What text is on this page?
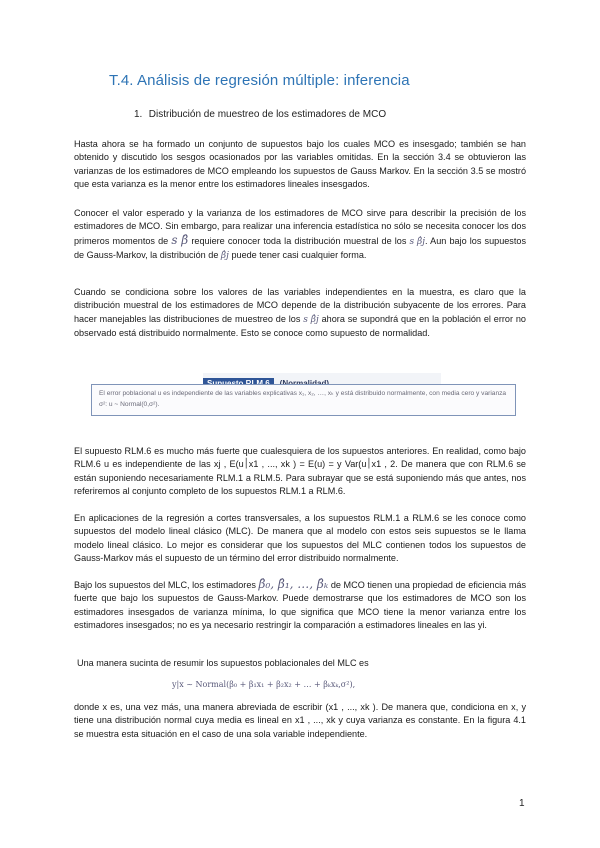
T.4. Análisis de regresión múltiple: inferencia
1. Distribución de muestreo de los estimadores de MCO

Hasta ahora se ha formado un conjunto de supuestos bajo los cuales MCO es insesgado; también se han obtenido y discutido los sesgos ocasionados por las variables omitidas. En la sección 3.4 se obtuvieron las varianzas de los estimadores de MCO empleando los supuestos de Gauss Markov. En la sección 3.5 se mostró que esta varianza es la menor entre los estimadores lineales insesgados.

Conocer el valor esperado y la varianza de los estimadores de MCO sirve para describir la precisión de los estimadores de MCO. Sin embargo, para realizar una inferencia estadística no sólo se necesita conocer los dos primeros momentos de s β̂ requiere conocer toda la distribución muestral de los s β̂j. Aun bajo los supuestos de Gauss-Markov, la distribución de β̂j puede tener casi cualquier forma.

Cuando se condiciona sobre los valores de las variables independientes en la muestra, es claro que la distribución muestral de los estimadores de MCO depende de la distribución subyacente de los errores. Para hacer manejables las distribuciones de muestreo de los s β̂j ahora se supondrá que en la población el error no observado está distribuido normalmente. Esto se conoce como supuesto de normalidad.

El error poblacional u es independiente de las variables explicativas x₁, x₂, …, xₖ y está distribuido normalmente, con media cero y varianza σ²: u ~ Normal(0,σ²).

El supuesto RLM.6 es mucho más fuerte que cualesquiera de los supuestos anteriores. En realidad, como bajo RLM.6 u es independiente de las xj , E(u׀x1 , ..., xk ) = E(u) = y Var(u׀x1 , 2. De manera que con RLM.6 se están suponiendo necesariamente RLM.1 a RLM.5. Para subrayar que se está suponiendo más que antes, nos referiremos al conjunto completo de los supuestos RLM.1 a RLM.6.

En aplicaciones de la regresión a cortes transversales, a los supuestos RLM.1 a RLM.6 se les conoce como supuestos del modelo lineal clásico (MLC). De manera que al modelo con estos seis supuestos se le llama modelo lineal clásico. Lo mejor es considerar que los supuestos del MLC contienen todos los supuestos de Gauss-Markov más el supuesto de un término del error distribuido normalmente.

Bajo los supuestos del MLC, los estimadores β̂₀, β̂₁, …, β̂ₖ de MCO tienen una propiedad de eficiencia más fuerte que bajo los supuestos de Gauss-Markov. Puede demostrarse que los estimadores de MCO son los estimadores insesgados de varianza mínima, lo que significa que MCO tiene la menor varianza entre los estimadores insesgados; no es ya necesario restringir la comparación a estimadores lineales en las yi.

Una manera sucinta de resumir los supuestos poblacionales del MLC es

y|x ~ Normal(β₀ + β₁x₁ + β₂x₂ + … + βₖxₖ,σ²),

donde x es, una vez más, una manera abreviada de escribir (x1 , ..., xk ). De manera que, condiciona en x, y tiene una distribución normal cuya media es lineal en x1 , ..., xk y cuya varianza es constante. En la figura 4.1 se muestra esta situación en el caso de una sola variable independiente.

1
